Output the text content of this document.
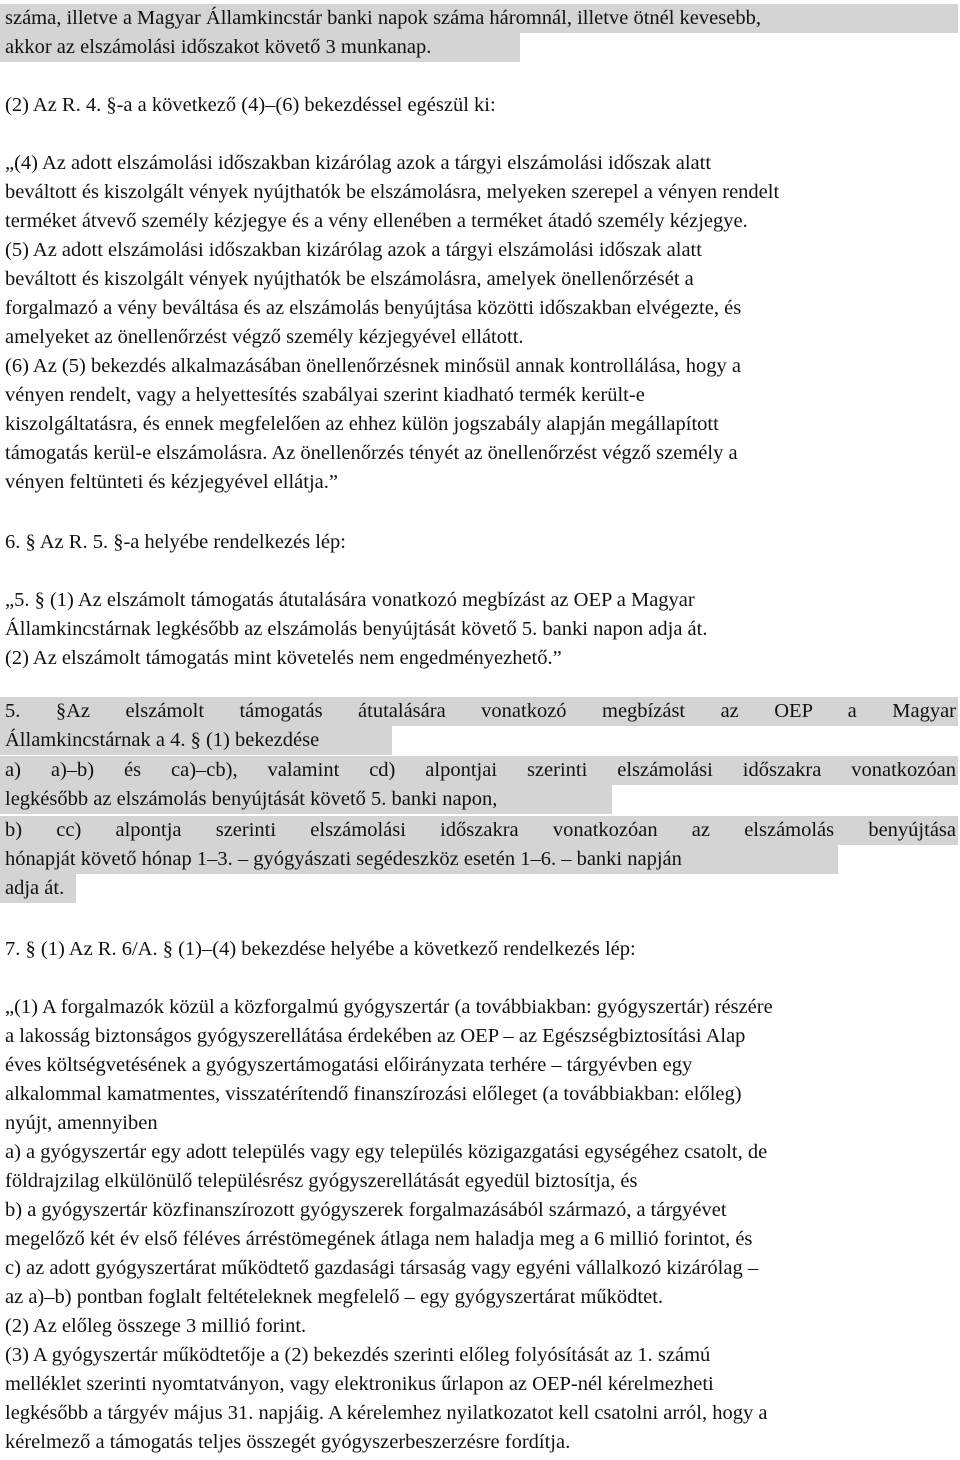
száma, illetve a Magyar Államkincstár banki napok száma háromnál, illetve ötnél kevesebb,
akkor az elszámolási időszakot követő 3 munkanap.
(2) Az R. 4. §-a a következő (4)–(6) bekezdéssel egészül ki:
„(4) Az adott elszámolási időszakban kizárólag azok a tárgyi elszámolási időszak alatt
beváltott és kiszolgált vények nyújthatók be elszámolásra, melyeken szerepel a vényen rendelt
terméket átvevő személy kézjegye és a vény ellenében a terméket átadó személy kézjegye.
(5) Az adott elszámolási időszakban kizárólag azok a tárgyi elszámolási időszak alatt
beváltott és kiszolgált vények nyújthatók be elszámolásra, amelyek önellenőrzését a
forgalmazó a vény beváltása és az elszámolás benyújtása közötti időszakban elvégezte, és
amelyeket az önellenőrzést végző személy kézjegyével ellátott.
(6) Az (5) bekezdés alkalmazásában önellenőrzésnek minősül annak kontrollálása, hogy a
vényen rendelt, vagy a helyettesítés szabályai szerint kiadható termék került-e
kiszolgáltatásra, és ennek megfelelően az ehhez külön jogszabály alapján megállapított
támogatás kerül-e elszámolásra. Az önellenőrzés tényét az önellenőrzést végző személy a
vényen feltünteti és kézjegyével ellátja.”
6. § Az R. 5. §-a helyébe rendelkezés lép:
„5. § (1) Az elszámolt támogatás átutalására vonatkozó megbízást az OEP a Magyar
Államkincstárnak legkésőbb az elszámolás benyújtását követő 5. banki napon adja át.
(2) Az elszámolt támogatás mint követelés nem engedményezhető.”
5. §Az elszámolt támogatás átutalására vonatkozó megbízást az OEP a Magyar
Államkincstárnak a 4. § (1) bekezdése
a) a)–b) és ca)–cb), valamint cd) alpontjai szerinti elszámolási időszakra vonatkozóan
legkésőbb az elszámolás benyújtását követő 5. banki napon,
b) cc) alpontja szerinti elszámolási időszakra vonatkozóan az elszámolás benyújtása
hónapját követő hónap 1–3. – gyógyászati segédeszköz esetén 1–6. – banki napján
adja át.
7. § (1) Az R. 6/A. § (1)–(4) bekezdése helyébe a következő rendelkezés lép:
„(1) A forgalmazók közül a közforgalmú gyógyszertár (a továbbiakban: gyógyszertár) részére
a lakosság biztonságos gyógyszerellátása érdekében az OEP – az Egészségbiztosítási Alap
éves költségvetésének a gyógyszertámogatási előirányzata terhére – tárgyévben egy
alkalommal kamatmentes, visszatérítendő finanszírozási előleget (a továbbiakban: előleg)
nyújt, amennyiben
a) a gyógyszertár egy adott település vagy egy település közigazgatási egységéhez csatolt, de
földrajzilag elkülönülő településrész gyógyszerellátását egyedül biztosítja, és
b) a gyógyszertár közfinanszírozott gyógyszerek forgalmazásából származó, a tárgyévet
megelőző két év első féléves árréstömegének átlaga nem haladja meg a 6 millió forintot, és
c) az adott gyógyszertárat működtető gazdasági társaság vagy egyéni vállalkozó kizárólag –
az a)–b) pontban foglalt feltételeknek megfelelő – egy gyógyszertárat működtet.
(2) Az előleg összege 3 millió forint.
(3) A gyógyszertár működtetője a (2) bekezdés szerinti előleg folyósítását az 1. számú
melléklet szerinti nyomtatványon, vagy elektronikus űrlapon az OEP-nél kérelmezheti
legkésőbb a tárgyév május 31. napjáig. A kérelemhez nyilatkozatot kell csatolni arról, hogy a
kérelmező a támogatás teljes összegét gyógyszerbeszerzésre fordítja.
